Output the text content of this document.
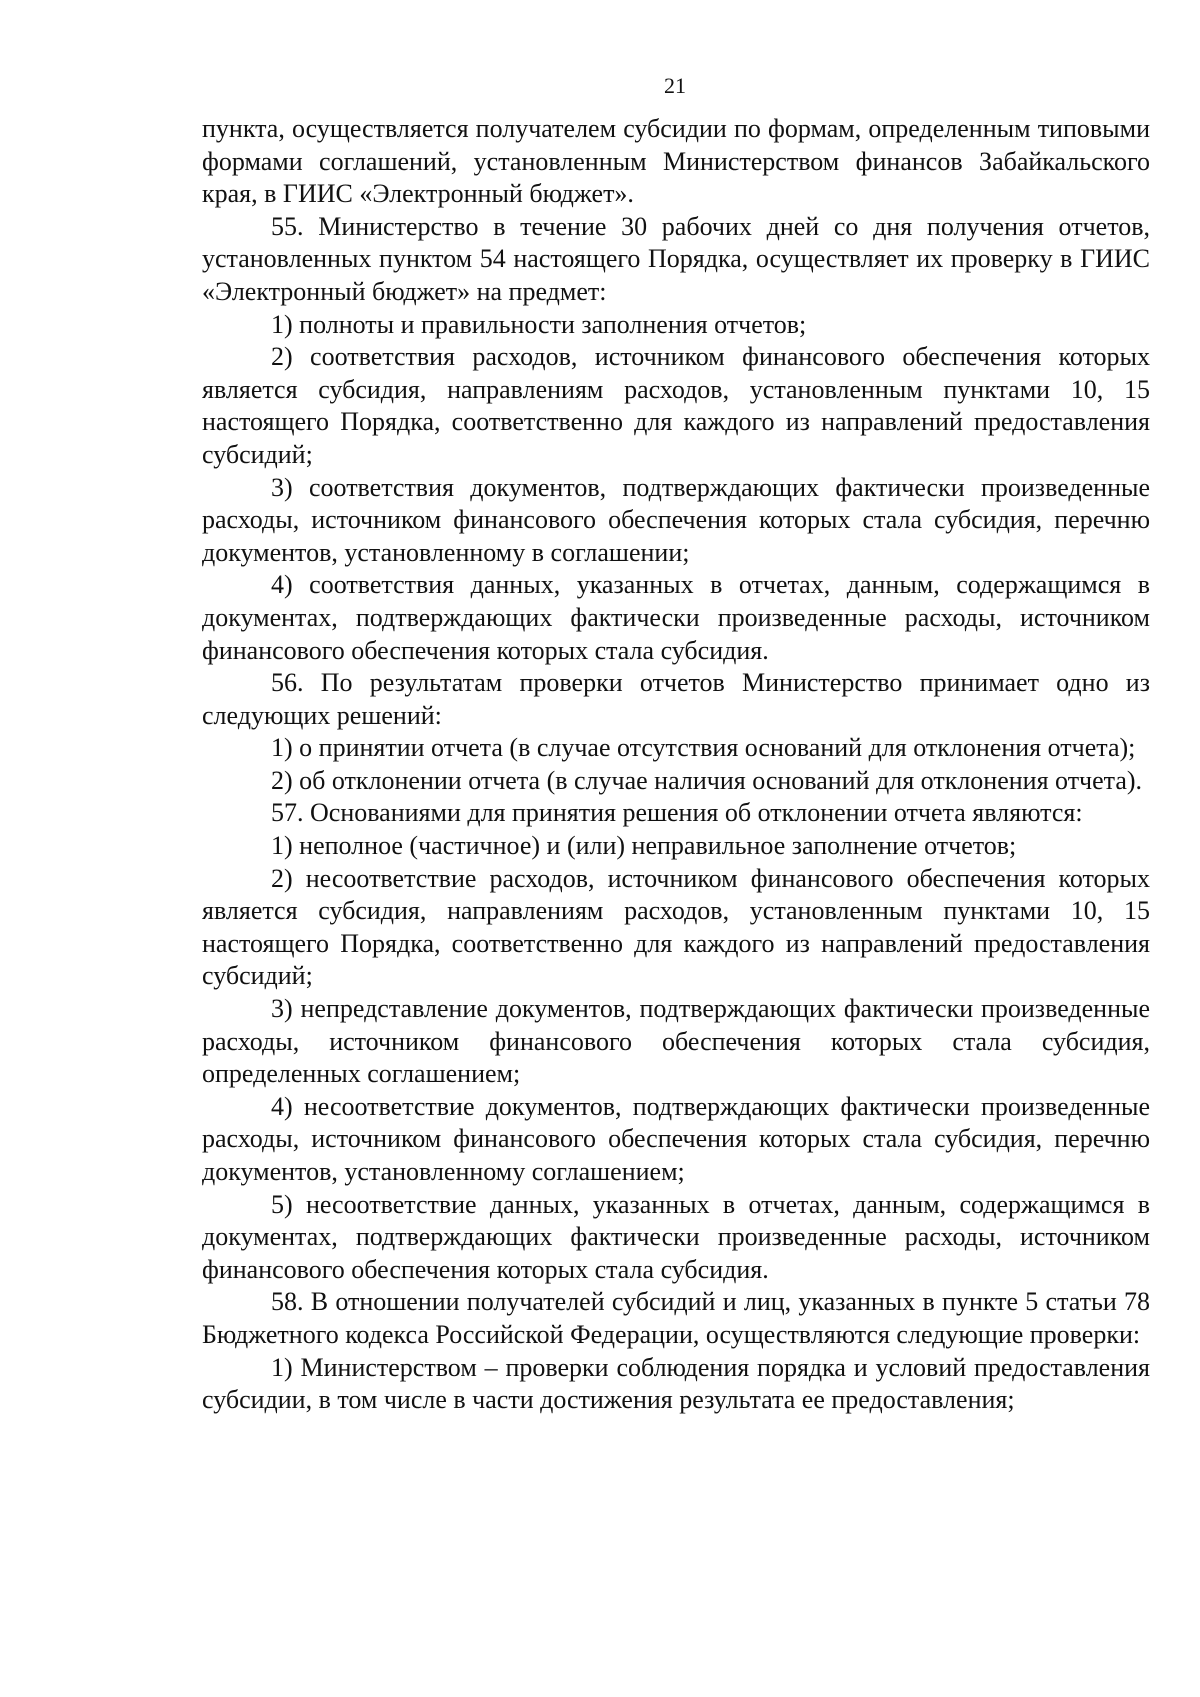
21

пункта, осуществляется получателем субсидии по формам, определенным типовыми формами соглашений, установленным Министерством финансов Забайкальского края, в ГИИС «Электронный бюджет».

55. Министерство в течение 30 рабочих дней со дня получения отчетов, установленных пунктом 54 настоящего Порядка, осуществляет их проверку в ГИИС «Электронный бюджет» на предмет:

1) полноты и правильности заполнения отчетов;

2) соответствия расходов, источником финансового обеспечения которых является субсидия, направлениям расходов, установленным пунктами 10, 15 настоящего Порядка, соответственно для каждого из направлений предоставления субсидий;

3) соответствия документов, подтверждающих фактически произведенные расходы, источником финансового обеспечения которых стала субсидия, перечню документов, установленному в соглашении;

4) соответствия данных, указанных в отчетах, данным, содержащимся в документах, подтверждающих фактически произведенные расходы, источником финансового обеспечения которых стала субсидия.

56. По результатам проверки отчетов Министерство принимает одно из следующих решений:

1) о принятии отчета (в случае отсутствия оснований для отклонения отчета);

2) об отклонении отчета (в случае наличия оснований для отклонения отчета).

57. Основаниями для принятия решения об отклонении отчета являются:

1) неполное (частичное) и (или) неправильное заполнение отчетов;

2) несоответствие расходов, источником финансового обеспечения которых является субсидия, направлениям расходов, установленным пунктами 10, 15 настоящего Порядка, соответственно для каждого из направлений предоставления субсидий;

3) непредставление документов, подтверждающих фактически произведенные расходы, источником финансового обеспечения которых стала субсидия, определенных соглашением;

4) несоответствие документов, подтверждающих фактически произведенные расходы, источником финансового обеспечения которых стала субсидия, перечню документов, установленному соглашением;

5) несоответствие данных, указанных в отчетах, данным, содержащимся в документах, подтверждающих фактически произведенные расходы, источником финансового обеспечения которых стала субсидия.

58. В отношении получателей субсидий и лиц, указанных в пункте 5 статьи 78 Бюджетного кодекса Российской Федерации, осуществляются следующие проверки:

1) Министерством – проверки соблюдения порядка и условий предоставления субсидии, в том числе в части достижения результата ее предоставления;
